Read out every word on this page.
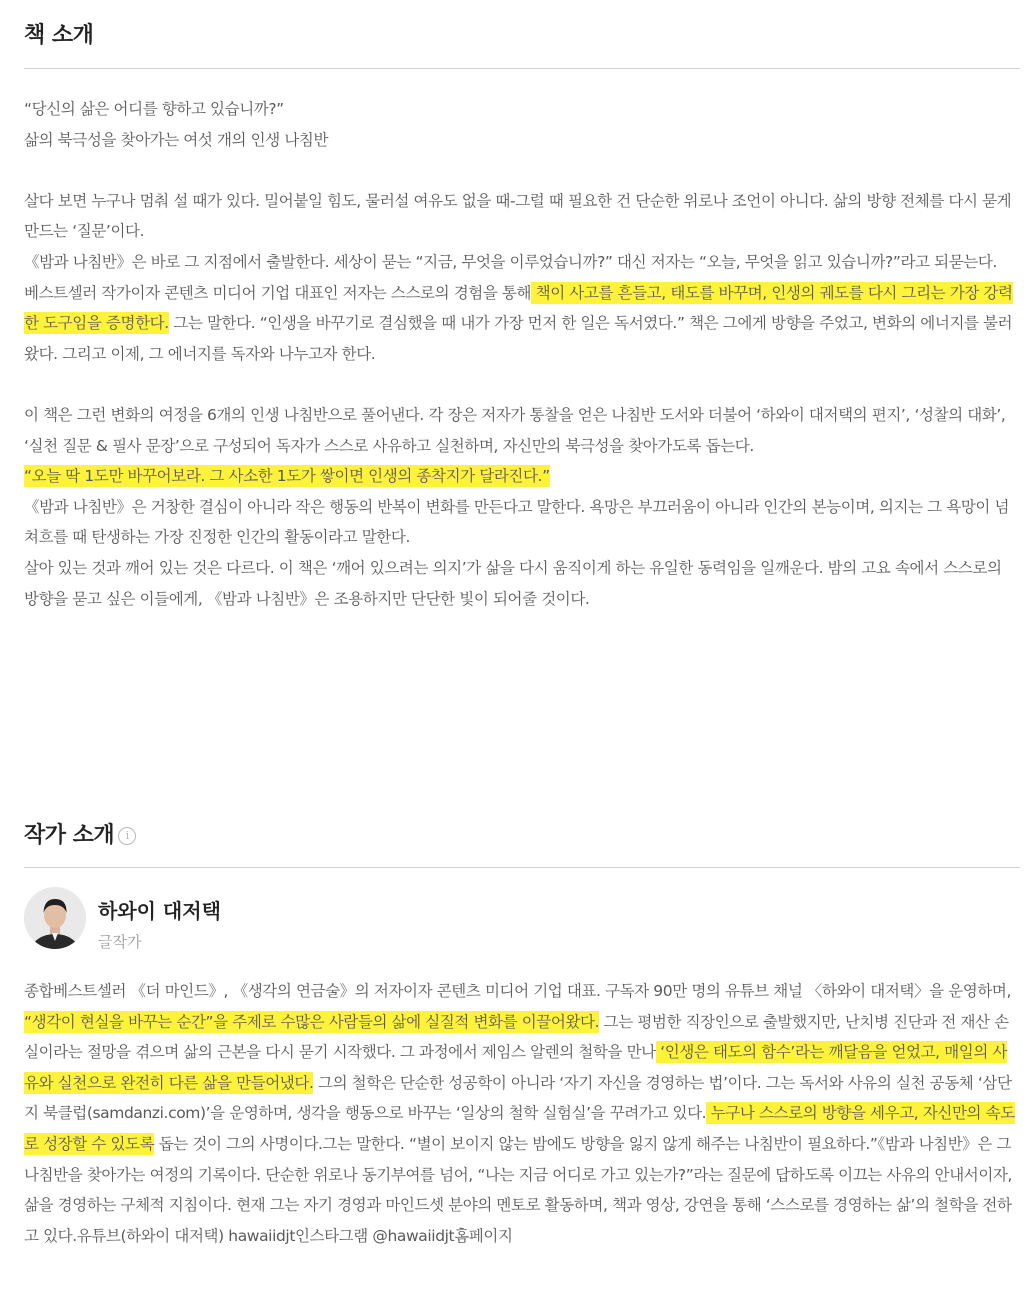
책 소개

“당신의 삶은 어디를 향하고 있습니까?”

삶의 북극성을 찾아가는 여섯 개의 인생 나침반

살다 보면 누구나 멈춰 설 때가 있다. 밀어붙일 힘도, 물러설 여유도 없을 때-그럴 때 필요한 건 단순한 위로나 조언이 아니다. 삶의 방향 전체를 다시 묻게 만드는 ‘질문’이다.

《밤과 나침반》은 바로 그 지점에서 출발한다. 세상이 묻는 “지금, 무엇을 이루었습니까?” 대신 저자는 “오늘, 무엇을 읽고 있습니까?”라고 되묻는다.

베스트셀러 작가이자 콘텐츠 미디어 기업 대표인 저자는 스스로의 경험을 통해 책이 사고를 흔들고, 태도를 바꾸며, 인생의 궤도를 다시 그리는 가장 강력한 도구임을 증명한다. 그는 말한다. “인생을 바꾸기로 결심했을 때 내가 가장 먼저 한 일은 독서였다.” 책은 그에게 방향을 주었고, 변화의 에너지를 불러왔다. 그리고 이제, 그 에너지를 독자와 나누고자 한다.

이 책은 그런 변화의 여정을 6개의 인생 나침반으로 풀어낸다. 각 장은 저자가 통찰을 얻은 나침반 도서와 더불어 ‘하와이 대저택의 편지’, ‘성찰의 대화’, ‘실천 질문 & 필사 문장’으로 구성되어 독자가 스스로 사유하고 실천하며, 자신만의 북극성을 찾아가도록 돕는다.

“오늘 딱 1도만 바꾸어보라. 그 사소한 1도가 쌓이면 인생의 종착지가 달라진다.”

《밤과 나침반》은 거창한 결심이 아니라 작은 행동의 반복이 변화를 만든다고 말한다. 욕망은 부끄러움이 아니라 인간의 본능이며, 의지는 그 욕망이 넘쳐흐를 때 탄생하는 가장 진정한 인간의 활동이라고 말한다.

살아 있는 것과 깨어 있는 것은 다르다. 이 책은 ‘깨어 있으려는 의지’가 삶을 다시 움직이게 하는 유일한 동력임을 일깨운다. 밤의 고요 속에서 스스로의 방향을 묻고 싶은 이들에게, 《밤과 나침반》은 조용하지만 단단한 빛이 되어줄 것이다.

작가 소개 i
하와이 대저택
글작가

종합베스트셀러 《더 마인드》, 《생각의 연금술》의 저자이자 콘텐츠 미디어 기업 대표. 구독자 90만 명의 유튜브 채널 〈하와이 대저택〉을 운영하며, “생각이 현실을 바꾸는 순간”을 주제로 수많은 사람들의 삶에 실질적 변화를 이끌어왔다. 그는 평범한 직장인으로 출발했지만, 난치병 진단과 전 재산 손실이라는 절망을 겪으며 삶의 근본을 다시 묻기 시작했다. 그 과정에서 제임스 알렌의 철학을 만나 ‘인생은 태도의 함수’라는 깨달음을 얻었고, 매일의 사유와 실천으로 완전히 다른 삶을 만들어냈다. 그의 철학은 단순한 성공학이 아니라 ‘자기 자신을 경영하는 법’이다. 그는 독서와 사유의 실천 공동체 ‘삼단지 북클럽(samdanzi.com)’을 운영하며, 생각을 행동으로 바꾸는 ‘일상의 철학 실험실’을 꾸려가고 있다. 누구나 스스로의 방향을 세우고, 자신만의 속도로 성장할 수 있도록 돕는 것이 그의 사명이다.그는 말한다. “별이 보이지 않는 밤에도 방향을 잃지 않게 해주는 나침반이 필요하다.”《밤과 나침반》은 그 나침반을 찾아가는 여정의 기록이다. 단순한 위로나 동기부여를 넘어, “나는 지금 어디로 가고 있는가?”라는 질문에 답하도록 이끄는 사유의 안내서이자, 삶을 경영하는 구체적 지침이다. 현재 그는 자기 경영과 마인드셋 분야의 멘토로 활동하며, 책과 영상, 강연을 통해 ‘스스로를 경영하는 삶’의 철학을 전하고 있다.유튜브(하와이 대저택) hawaiidjt인스타그램 @hawaiidjt홈페이지
